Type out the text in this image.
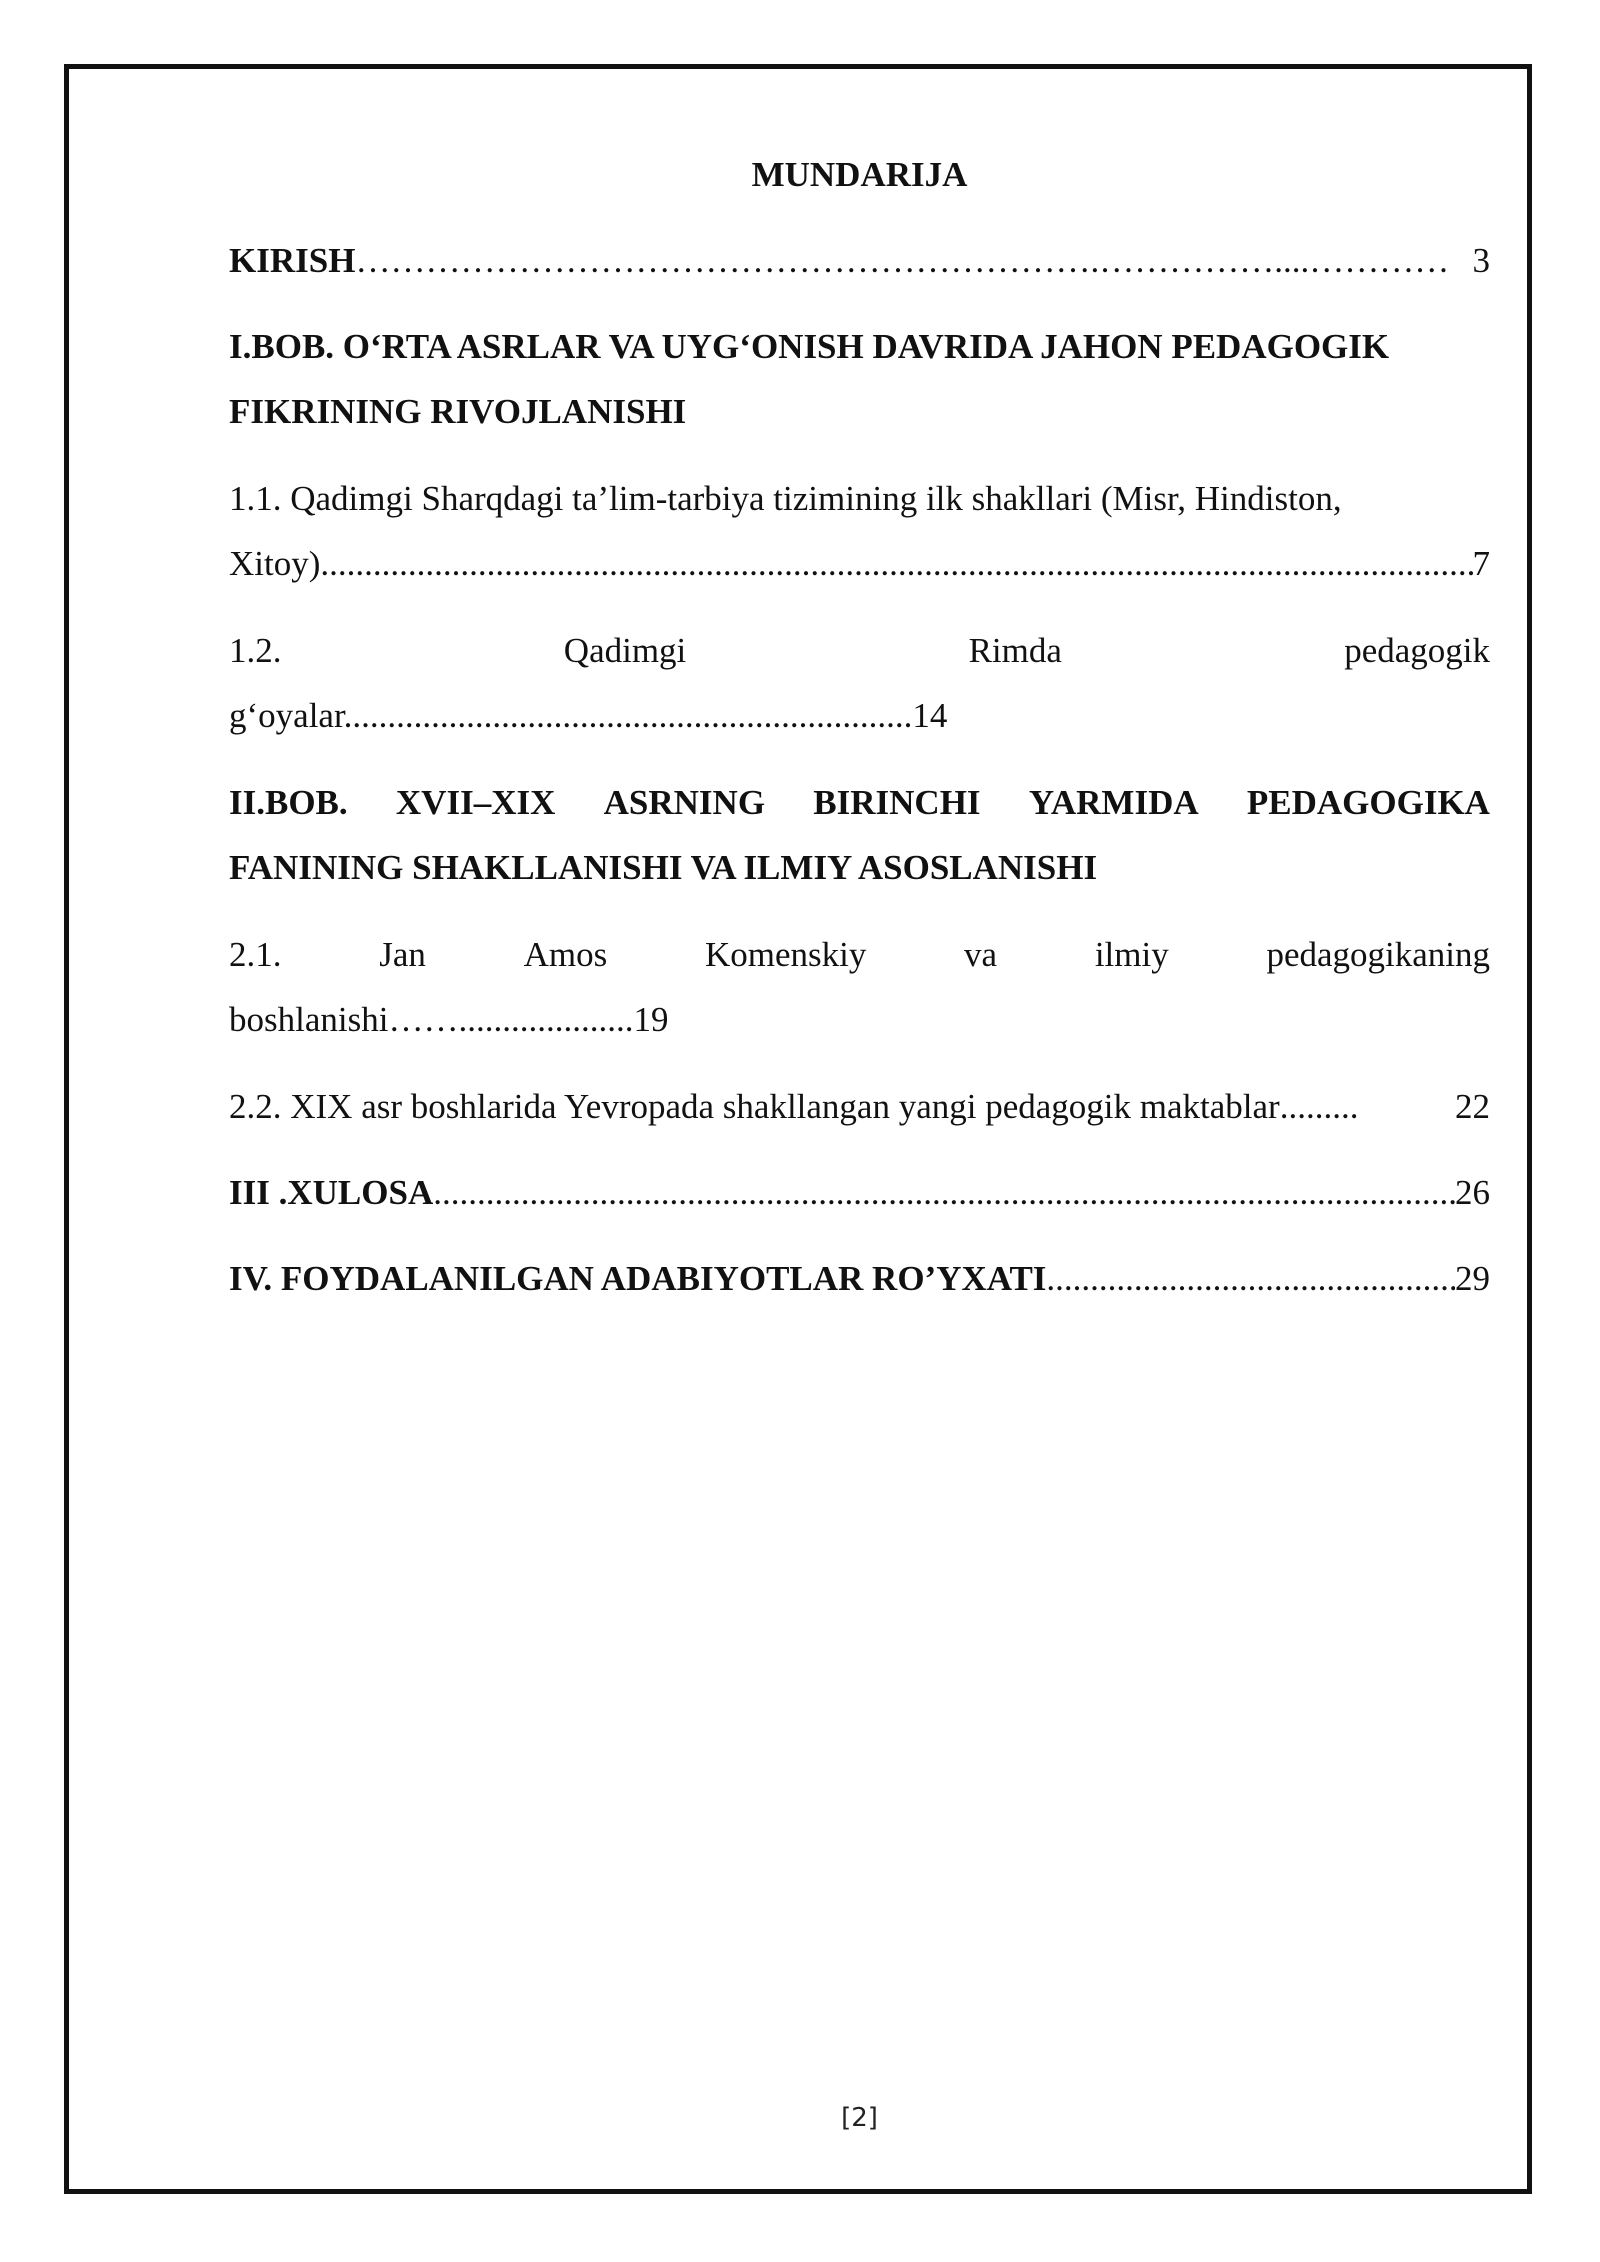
MUNDARIJA
KIRISH ……………………………………………………….……………....………… 3
I.BOB. O‘RTA ASRLAR VA UYG‘ONISH DAVRIDA JAHON PEDAGOGIK
FIKRINING RIVOJLANISHI
1.1. Qadimgi Sharqdagi ta’lim-tarbiya tizimining ilk shakllari (Misr, Hindiston,
Xitoy) .....	7
1.2.	Qadimgi	Rimda	pedagogik
g‘oyalar.................................................................14
II.BOB. XVII–XIX ASRNING BIRINCHI YARMIDA PEDAGOGIKA
FANINING SHAKLLANISHI VA ILMIY ASOSLANISHI
2.1.	Jan	Amos	Komenskiy	va	ilmiy	pedagogikaning
boshlanishi……....................19
2.2. XIX asr boshlarida Yevropada shakllangan yangi pedagogik maktablar .........	22
III .XULOSA .....	26
IV. FOYDALANILGAN ADABIYOTLAR RO’YXATI .....	29
[2]
